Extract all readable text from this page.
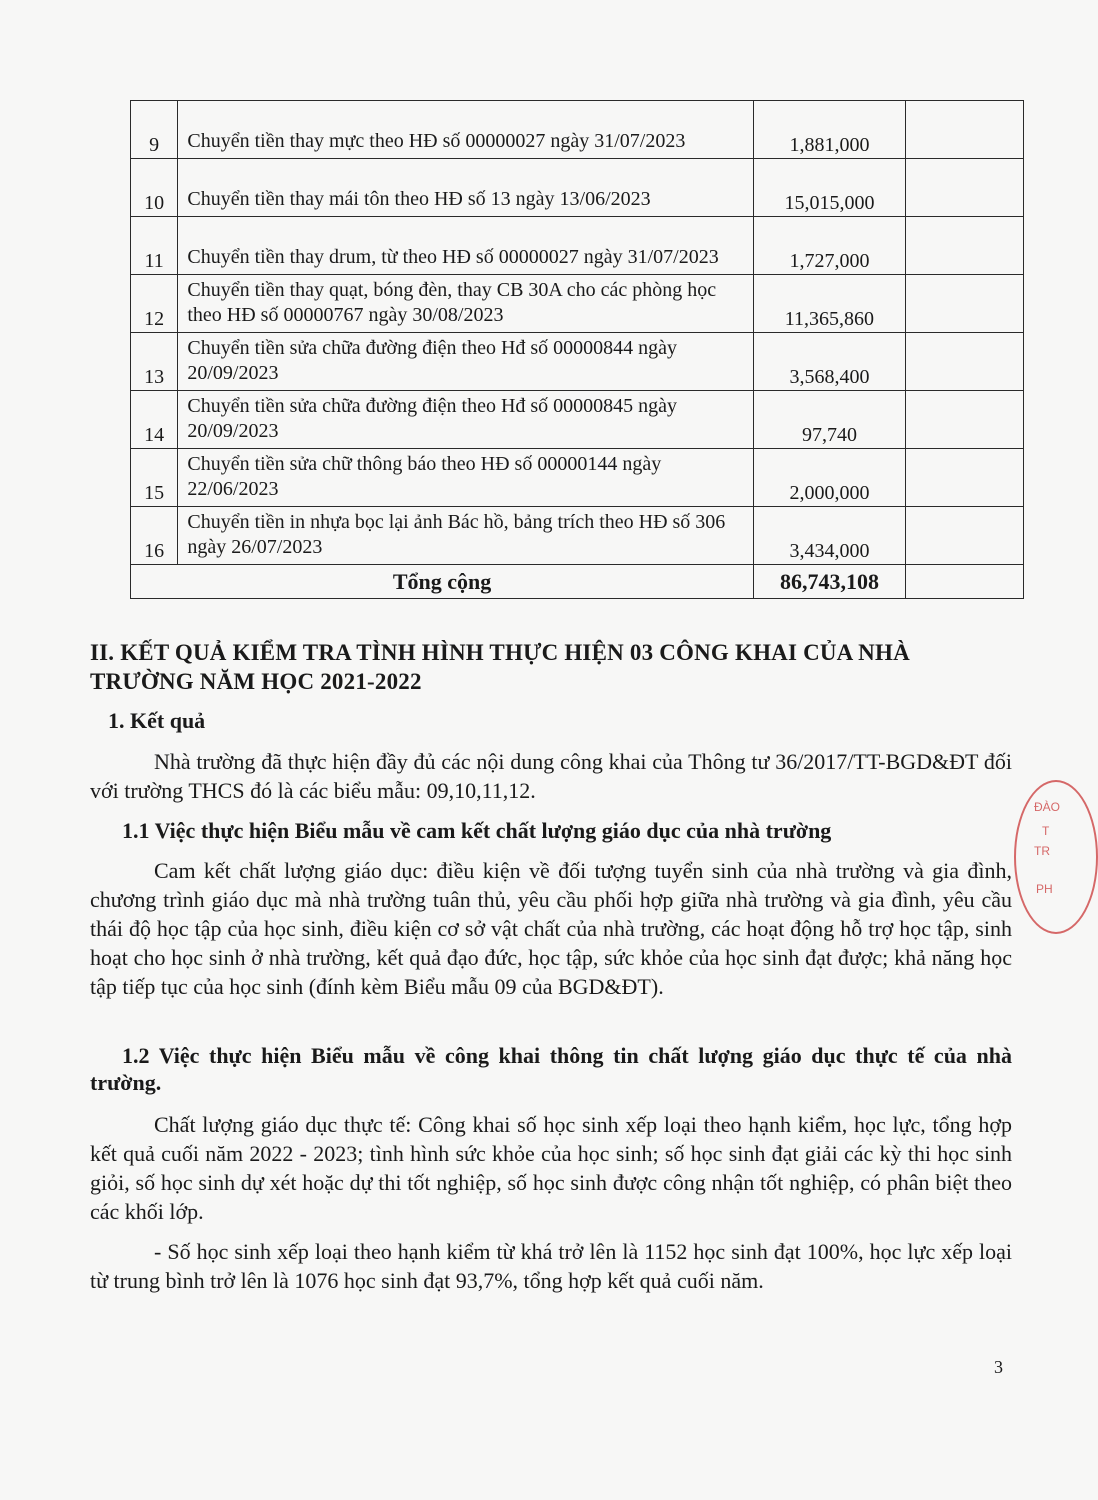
9	Chuyển tiền thay mực theo HĐ số 00000027 ngày 31/07/2023	1,881,000	
10	Chuyển tiền thay mái tôn theo HĐ số 13 ngày 13/06/2023	15,015,000	
11	Chuyển tiền thay drum, từ theo HĐ số 00000027 ngày 31/07/2023	1,727,000	
12	Chuyển tiền thay quạt, bóng đèn, thay CB 30A cho các phòng học theo HĐ số 00000767 ngày 30/08/2023	11,365,860	
13	Chuyển tiền sửa chữa đường điện theo Hđ số 00000844 ngày 20/09/2023	3,568,400	
14	Chuyển tiền sửa chữa đường điện theo Hđ số 00000845 ngày 20/09/2023	97,740	
15	Chuyển tiền sửa chữ thông báo theo HĐ số 00000144 ngày 22/06/2023	2,000,000	
16	Chuyển tiền in nhựa bọc lại ảnh Bác hồ, bảng trích theo HĐ số 306 ngày 26/07/2023	3,434,000	
Tổng cộng		86,743,108	
II. KẾT QUẢ KIỂM TRA TÌNH HÌNH THỰC HIỆN 03 CÔNG KHAI CỦA NHÀ TRƯỜNG NĂM HỌC 2021-2022
1. Kết quả
Nhà trường đã thực hiện đầy đủ các nội dung công khai của Thông tư 36/2017/TT-BGD&ĐT đối với trường THCS đó là các biểu mẫu: 09,10,11,12.
1.1 Việc thực hiện Biểu mẫu về cam kết chất lượng giáo dục của nhà trường
Cam kết chất lượng giáo dục: điều kiện về đối tượng tuyển sinh của nhà trường và gia đình, chương trình giáo dục mà nhà trường tuân thủ, yêu cầu phối hợp giữa nhà trường và gia đình, yêu cầu thái độ học tập của học sinh, điều kiện cơ sở vật chất của nhà trường, các hoạt động hỗ trợ học tập, sinh hoạt cho học sinh ở nhà trường, kết quả đạo đức, học tập, sức khỏe của học sinh đạt được; khả năng học tập tiếp tục của học sinh (đính kèm Biểu mẫu 09 của BGD&ĐT).
1.2 Việc thực hiện Biểu mẫu về công khai thông tin chất lượng giáo dục thực tế của nhà trường.
Chất lượng giáo dục thực tế: Công khai số học sinh xếp loại theo hạnh kiểm, học lực, tổng hợp kết quả cuối năm 2022 - 2023; tình hình sức khỏe của học sinh; số học sinh đạt giải các kỳ thi học sinh giỏi, số học sinh dự xét hoặc dự thi tốt nghiệp, số học sinh được công nhận tốt nghiệp, có phân biệt theo các khối lớp.
- Số học sinh xếp loại theo hạnh kiểm từ khá trở lên là 1152 học sinh đạt 100%, học lực xếp loại từ trung bình trở lên là 1076 học sinh đạt 93,7%, tổng hợp kết quả cuối năm.
3
ĐÀO
T
TR
PH
